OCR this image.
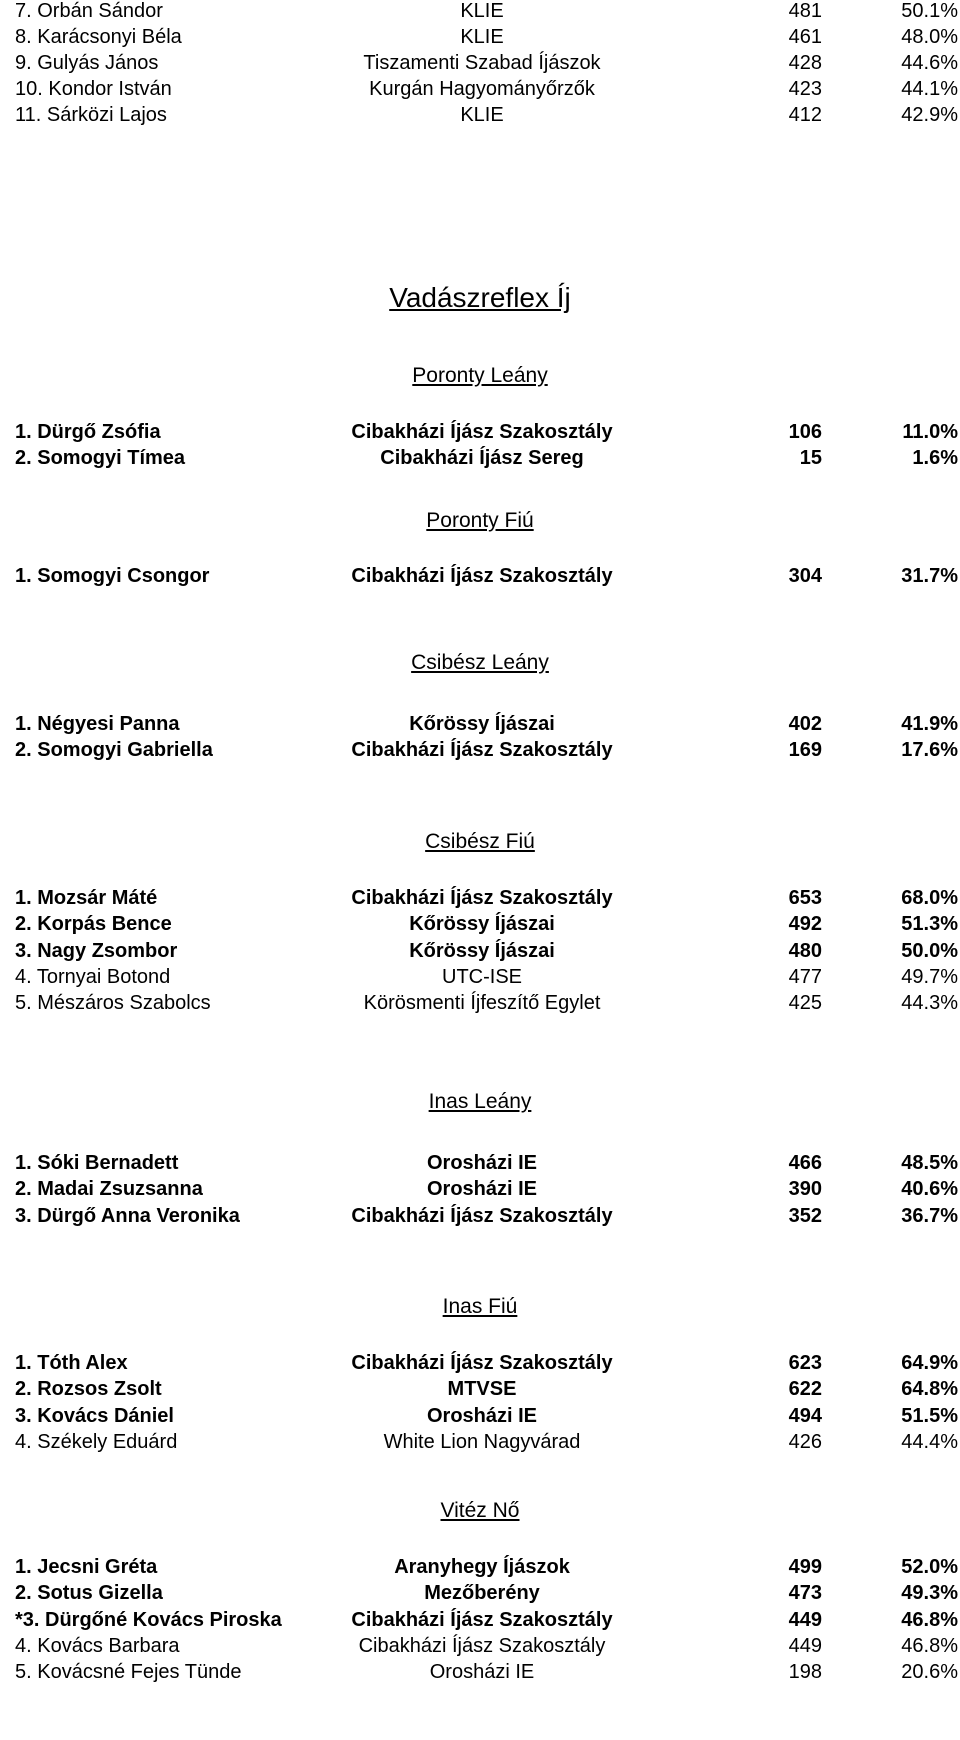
7. Orbán Sándor	KLIE	481	50.1%
8. Karácsonyi Béla	KLIE	461	48.0%
9. Gulyás János	Tiszamenti Szabad Íjászok	428	44.6%
10. Kondor István	Kurgán Hagyományőrzők	423	44.1%
11. Sárközi Lajos	KLIE	412	42.9%
Vadászreflex Íj
Poronty Leány
1. Dürgő Zsófia	Cibakházi Íjász Szakosztály	106	11.0%
2. Somogyi Tímea	Cibakházi Íjász Sereg	15	1.6%
Poronty Fiú
1. Somogyi Csongor	Cibakházi Íjász Szakosztály	304	31.7%
Csibész Leány
1. Négyesi Panna	Kőrössy Íjászai	402	41.9%
2. Somogyi Gabriella	Cibakházi Íjász Szakosztály	169	17.6%
Csibész Fiú
1. Mozsár Máté	Cibakházi Íjász Szakosztály	653	68.0%
2. Korpás Bence	Kőrössy Íjászai	492	51.3%
3. Nagy Zsombor	Kőrössy Íjászai	480	50.0%
4. Tornyai Botond	UTC-ISE	477	49.7%
5. Mészáros Szabolcs	Körösmenti Íjfeszítő Egylet	425	44.3%
Inas Leány
1. Sóki Bernadett	Orosházi IE	466	48.5%
2. Madai Zsuzsanna	Orosházi IE	390	40.6%
3. Dürgő Anna Veronika	Cibakházi Íjász Szakosztály	352	36.7%
Inas Fiú
1. Tóth Alex	Cibakházi Íjász Szakosztály	623	64.9%
2. Rozsos Zsolt	MTVSE	622	64.8%
3. Kovács Dániel	Orosházi IE	494	51.5%
4. Székely Eduárd	White Lion Nagyvárad	426	44.4%
Vitéz Nő
1. Jecsni Gréta	Aranyhegy Íjászok	499	52.0%
2. Sotus Gizella	Mezőberény	473	49.3%
*3. Dürgőné Kovács Piroska	Cibakházi Íjász Szakosztály	449	46.8%
4. Kovács Barbara	Cibakházi Íjász Szakosztály	449	46.8%
5. Kovácsné Fejes Tünde	Orosházi IE	198	20.6%
